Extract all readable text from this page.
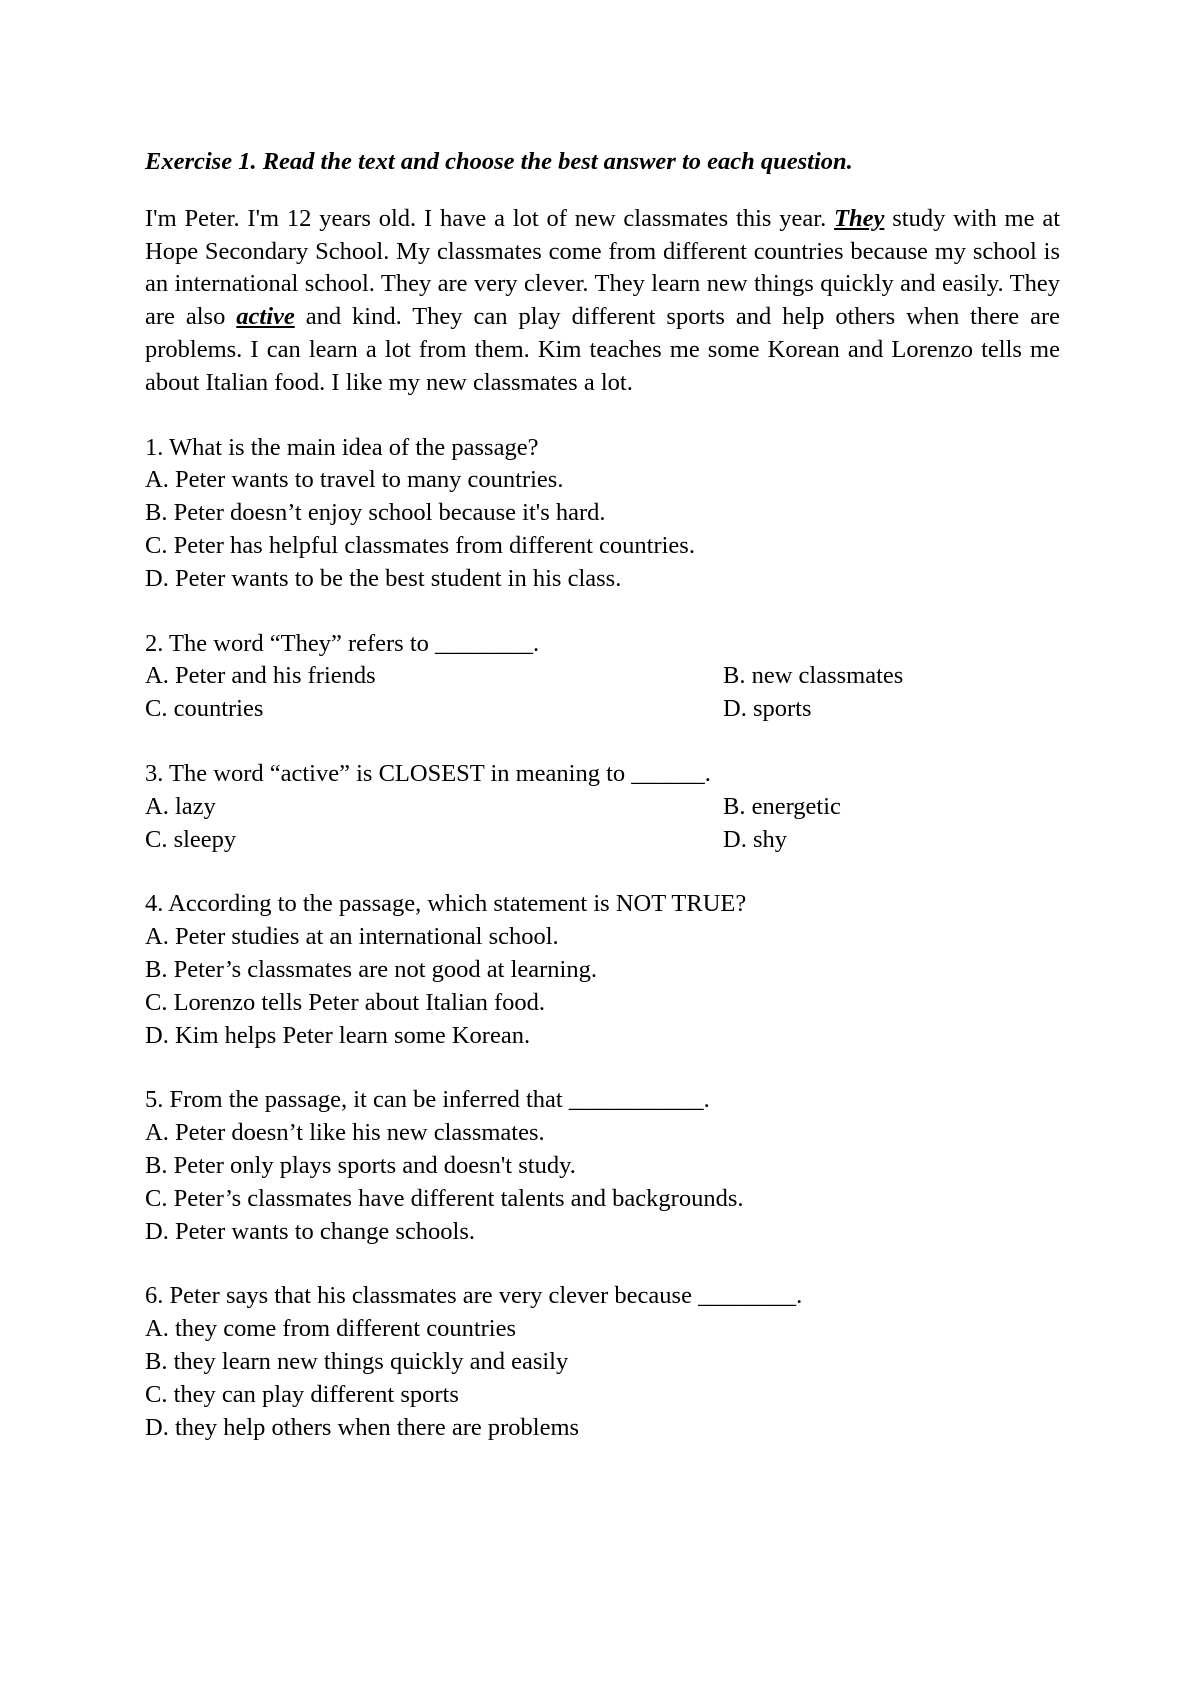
Exercise 1. Read the text and choose the best answer to each question.
I'm Peter. I'm 12 years old. I have a lot of new classmates this year. They study with me at Hope Secondary School. My classmates come from different countries because my school is an international school. They are very clever. They learn new things quickly and easily. They are also active and kind. They can play different sports and help others when there are problems. I can learn a lot from them. Kim teaches me some Korean and Lorenzo tells me about Italian food. I like my new classmates a lot.
1. What is the main idea of the passage?
A. Peter wants to travel to many countries.
B. Peter doesn’t enjoy school because it's hard.
C. Peter has helpful classmates from different countries.
D. Peter wants to be the best student in his class.
2. The word “They” refers to ________.
A. Peter and his friends	B. new classmates
C. countries	D. sports
3. The word “active” is CLOSEST in meaning to ______.
A. lazy	B. energetic
C. sleepy	D. shy
4. According to the passage, which statement is NOT TRUE?
A. Peter studies at an international school.
B. Peter’s classmates are not good at learning.
C. Lorenzo tells Peter about Italian food.
D. Kim helps Peter learn some Korean.
5. From the passage, it can be inferred that ___________.
A. Peter doesn’t like his new classmates.
B. Peter only plays sports and doesn't study.
C. Peter’s classmates have different talents and backgrounds.
D. Peter wants to change schools.
6. Peter says that his classmates are very clever because ________.
A. they come from different countries
B. they learn new things quickly and easily
C. they can play different sports
D. they help others when there are problems
